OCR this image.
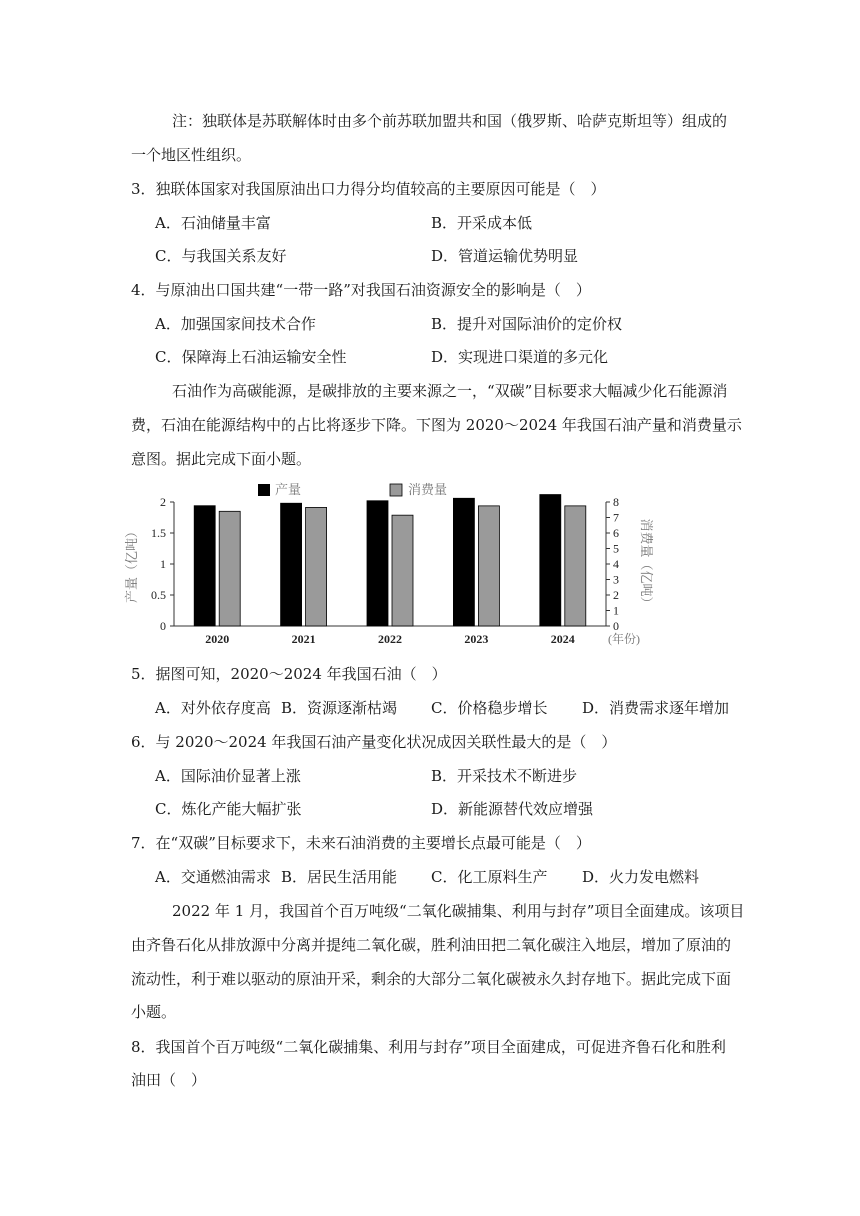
注：独联体是苏联解体时由多个前苏联加盟共和国（俄罗斯、哈萨克斯坦等）组成的
一个地区性组织。
3．独联体国家对我国原油出口力得分均值较高的主要原因可能是（　）
A．石油储量丰富	B．开采成本低
C．与我国关系友好	D．管道运输优势明显
4．与原油出口国共建“一带一路”对我国石油资源安全的影响是（　）
A．加强国家间技术合作	B．提升对国际油价的定价权
C．保障海上石油运输安全性	D．实现进口渠道的多元化
石油作为高碳能源，是碳排放的主要来源之一，“双碳”目标要求大幅减少化石能源消
费，石油在能源结构中的占比将逐步下降。下图为 2020～2024 年我国石油产量和消费量示
意图。据此完成下面小题。
0
0.5
1
1.5
2
0
1
2
3
4
5
6
7
8
产量（亿吨）	消费量（亿吨）
2020	2021	2022	2023	2024	(年份)
产量	消费量
5．据图可知，2020～2024 年我国石油（　）
A．对外依存度高 B．资源逐渐枯竭 C．价格稳步增长 D．消费需求逐年增加
6．与 2020～2024 年我国石油产量变化状况成因关联性最大的是（　）
A．国际油价显著上涨	B．开采技术不断进步
C．炼化产能大幅扩张	D．新能源替代效应增强
7．在“双碳”目标要求下，未来石油消费的主要增长点最可能是（　）
A．交通燃油需求 B．居民生活用能 C．化工原料生产 D．火力发电燃料
2022 年 1 月，我国首个百万吨级“二氧化碳捕集、利用与封存”项目全面建成。该项目
由齐鲁石化从排放源中分离并提纯二氧化碳，胜利油田把二氧化碳注入地层，增加了原油的
流动性，利于难以驱动的原油开采，剩余的大部分二氧化碳被永久封存地下。据此完成下面
小题。
8．我国首个百万吨级“二氧化碳捕集、利用与封存”项目全面建成，可促进齐鲁石化和胜利
油田（　）
